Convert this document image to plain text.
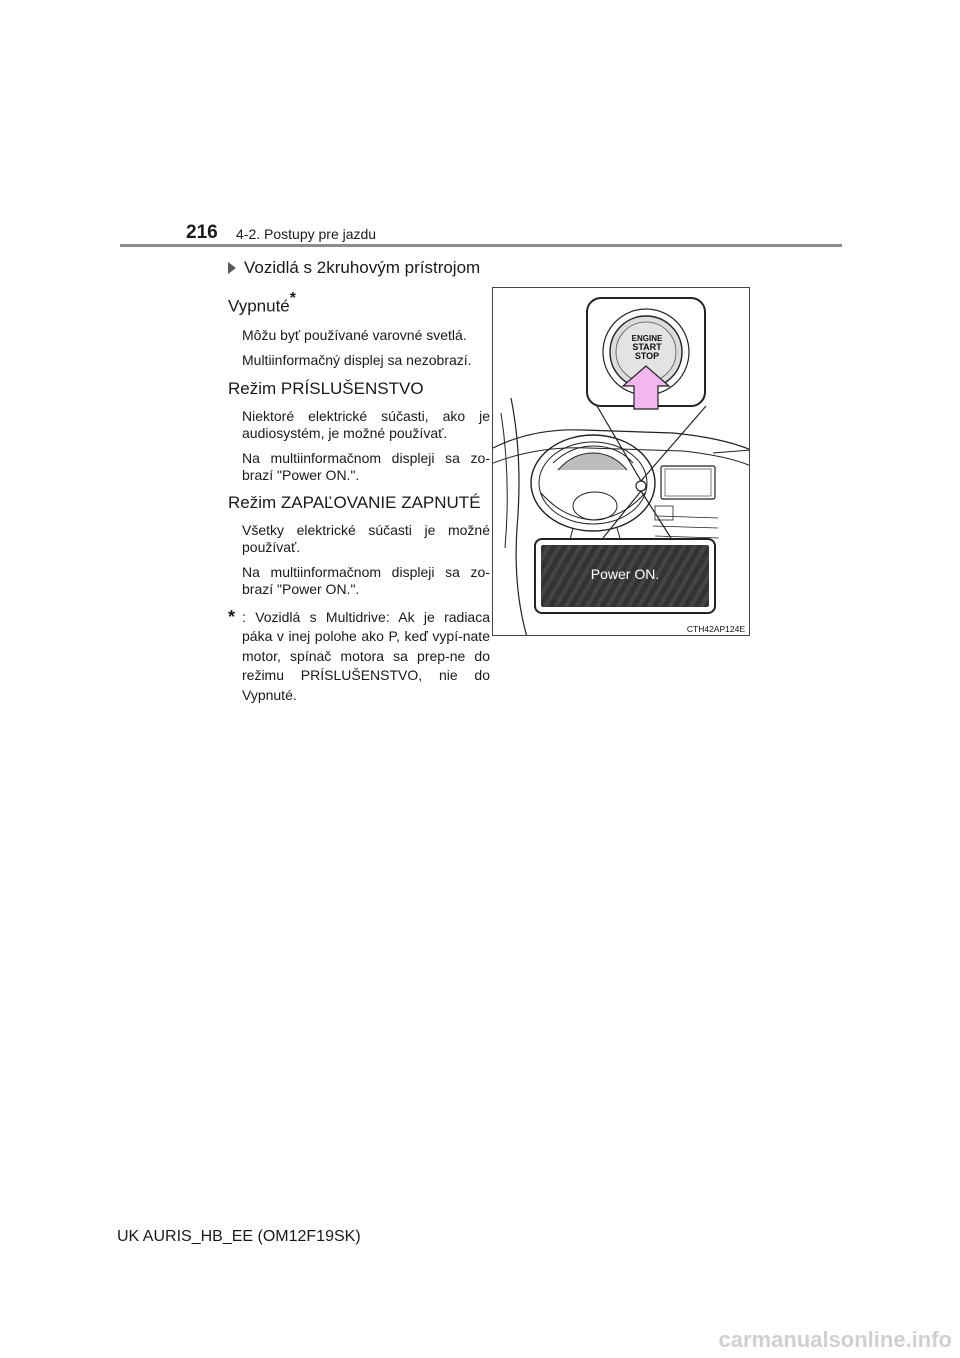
216 4-2. Postupy pre jazdu
Vozidlá s 2kruhovým prístrojom
Vypnuté*
Môžu byť používané varovné svetlá.
Multiinformačný displej sa nezobrazí.
Režim PRÍSLUŠENSTVO
Niektoré elektrické súčasti, ako je audiosystém, je možné používať.
Na multiinformačnom displeji sa zo-brazí "Power ON.".
Režim ZAPAĽOVANIE ZAPNUTÉ
Všetky elektrické súčasti je možné používať.
Na multiinformačnom displeji sa zo-brazí "Power ON.".
* : Vozidlá s Multidrive: Ak je radiaca páka v inej polohe ako P, keď vypí-nate motor, spínač motora sa prep-ne do režimu PRÍSLUŠENSTVO, nie do Vypnuté.
ENGINE
START
STOP
Power ON.
CTH42AP124E
UK AURIS_HB_EE (OM12F19SK)
carmanualsonline.info
